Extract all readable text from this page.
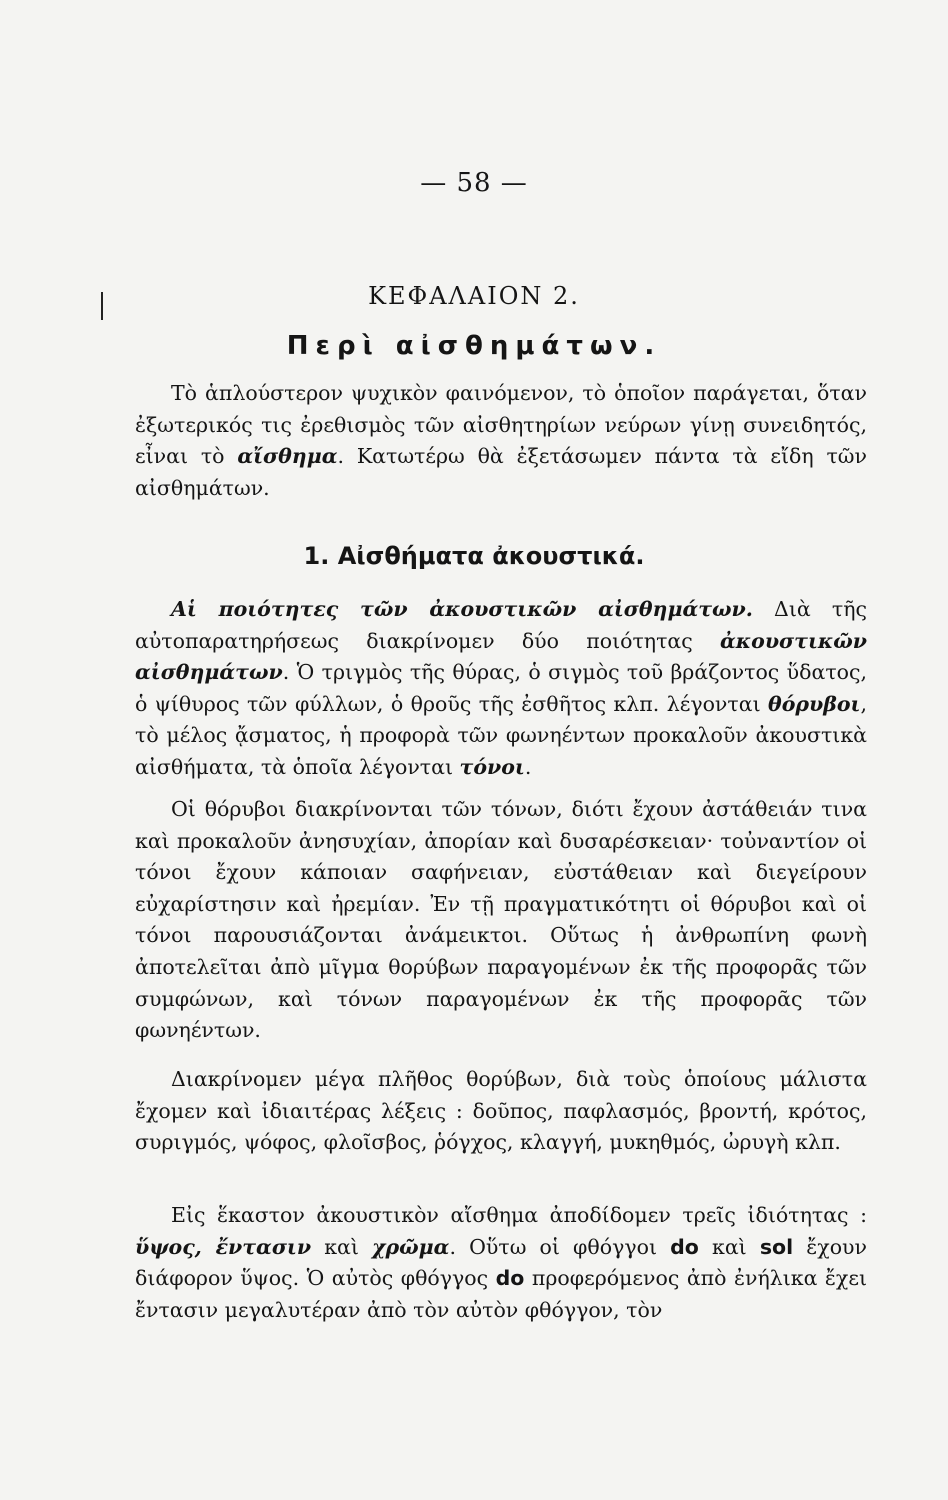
— 58 —
ΚΕΦΑΛΑΙΟΝ 2.
Περὶ αἰσθημάτων.

Τὸ ἁπλούστερον ψυχικὸν φαινόμενον, τὸ ὁποῖον παράγεται, ὅταν ἐξωτερικός τις ἐρεθισμὸς τῶν αἰσθητηρίων νεύρων γίνῃ συνειδητός, εἶναι τὸ αἴσθημα. Κατωτέρω θὰ ἐξετάσωμεν πάντα τὰ εἴδη τῶν αἰσθημάτων.

1. Αἰσθήματα ἀκουστικά.

Αἱ ποιότητες τῶν ἀκουστικῶν αἰσθημάτων. Διὰ τῆς αὐτοπαρατηρήσεως διακρίνομεν δύο ποιότητας ἀκουστικῶν αἰσθημάτων. Ὁ τριγμὸς τῆς θύρας, ὁ σιγμὸς τοῦ βράζοντος ὕδατος, ὁ ψίθυρος τῶν φύλλων, ὁ θροῦς τῆς ἐσθῆτος κλπ. λέγονται θόρυβοι, τὸ μέλος ᾄσματος, ἡ προφορὰ τῶν φωνηέντων προκαλοῦν ἀκουστικὰ αἰσθήματα, τὰ ὁποῖα λέγονται τόνοι.

Οἱ θόρυβοι διακρίνονται τῶν τόνων, διότι ἔχουν ἀστάθειάν τινα καὶ προκαλοῦν ἀνησυχίαν, ἀπορίαν καὶ δυσαρέσκειαν· τοὐναντίον οἱ τόνοι ἔχουν κάποιαν σαφήνειαν, εὐστάθειαν καὶ διεγείρουν εὐχαρίστησιν καὶ ἠρεμίαν. Ἐν τῇ πραγματικότητι οἱ θόρυβοι καὶ οἱ τόνοι παρουσιάζονται ἀνάμεικτοι. Οὕτως ἡ ἀνθρωπίνη φωνὴ ἀποτελεῖται ἀπὸ μῖγμα θορύβων παραγομένων ἐκ τῆς προφορᾶς τῶν συμφώνων, καὶ τόνων παραγομένων ἐκ τῆς προφορᾶς τῶν φωνηέντων.

Διακρίνομεν μέγα πλῆθος θορύβων, διὰ τοὺς ὁποίους μάλιστα ἔχομεν καὶ ἰδιαιτέρας λέξεις : δοῦπος, παφλασμός, βροντή, κρότος, συριγμός, ψόφος, φλοῖσβος, ῥόγχος, κλαγγή, μυκηθμός, ὠρυγὴ κλπ.

Εἰς ἕκαστον ἀκουστικὸν αἴσθημα ἀποδίδομεν τρεῖς ἰδιότητας : ὕψος, ἔντασιν καὶ χρῶμα. Οὕτω οἱ φθόγγοι do καὶ sol ἔχουν διάφορον ὕψος. Ὁ αὐτὸς φθόγγος do προφερόμενος ἀπὸ ἐνήλικα ἔχει ἔντασιν μεγαλυτέραν ἀπὸ τὸν αὐτὸν φθόγγον, τὸν
